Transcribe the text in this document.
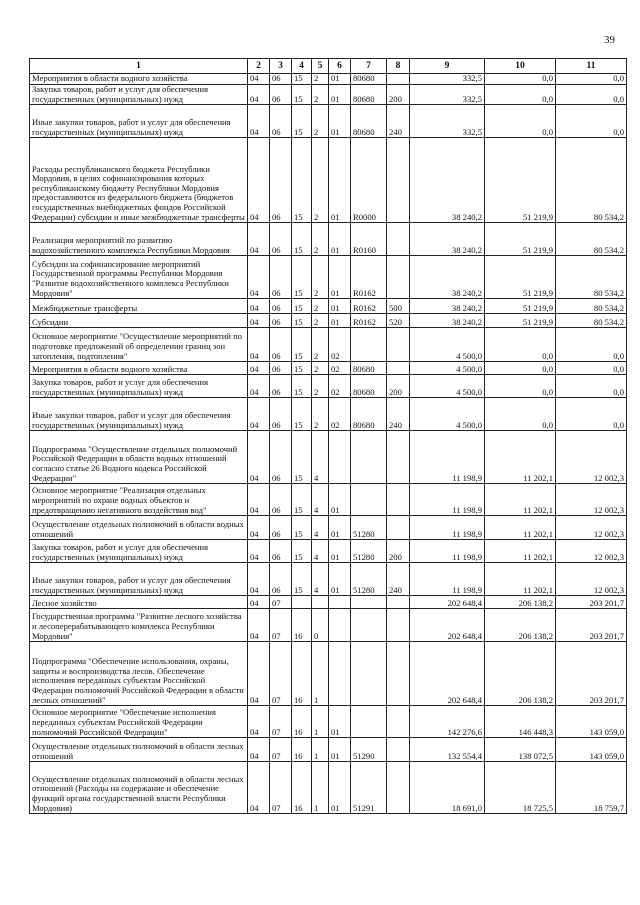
39
1	2	3	4	5	6	7	8	9	10	11
Мероприятия в области водного хозяйства	04	06	15	2	01	80680		332,5	0,0	0,0
Закупка товаров, работ и услуг для обеспечения государственных (муниципальных) нужд	04	06	15	2	01	80680	200	332,5	0,0	0,0
Иные закупки товаров, работ и услуг для обеспечения государственных (муниципальных) нужд	04	06	15	2	01	80680	240	332,5	0,0	0,0
Расходы республиканского бюджета Республики Мордовия, в целях софинансирования которых республиканскому бюджету Республики Мордовия предоставляются из федерального бюджета (бюджетов государственных внебюджетных фондов Российской Федерации) субсидии и иные межбюджетные трансферты	04	06	15	2	01	R0000		38 240,2	51 219,9	80 534,2
Реализация мероприятий по развитию водохозяйственного комплекса Республики Мордовия	04	06	15	2	01	R0160		38 240,2	51 219,9	80 534,2
Субсидии на софинансирование мероприятий Государственной программы Республики Мордовия "Развитие водохозяйственного комплекса Республики Мордовия"	04	06	15	2	01	R0162		38 240,2	51 219,9	80 534,2
Межбюджетные трансферты	04	06	15	2	01	R0162	500	38 240,2	51 219,9	80 534,2
Субсидии	04	06	15	2	01	R0162	520	38 240,2	51 219,9	80 534,2
Основное мероприятие "Осуществление мероприятий по подготовке предложений об определении границ зон затопления, подтопления"	04	06	15	2	02			4 500,0	0,0	0,0
Мероприятия в области водного хозяйства	04	06	15	2	02	80680		4 500,0	0,0	0,0
Закупка товаров, работ и услуг для обеспечения государственных (муниципальных) нужд	04	06	15	2	02	80680	200	4 500,0	0,0	0,0
Иные закупки товаров, работ и услуг для обеспечения государственных (муниципальных) нужд	04	06	15	2	02	80680	240	4 500,0	0,0	0,0
Подпрограмма "Осуществление отдельных полномочий Российской Федерации в области водных отношений согласно статье 26 Водного кодекса Российской Федерации"	04	06	15	4				11 198,9	11 202,1	12 002,3
Основное мероприятие "Реализация отдельных мероприятий по охране водных объектов и предотвращению негативного воздействия вод"	04	06	15	4	01			11 198,9	11 202,1	12 002,3
Осуществление отдельных полномочий в области водных отношений	04	06	15	4	01	51280		11 198,9	11 202,1	12 002,3
Закупка товаров, работ и услуг для обеспечения государственных (муниципальных) нужд	04	06	15	4	01	51280	200	11 198,9	11 202,1	12 002,3
Иные закупки товаров, работ и услуг для обеспечения государственных (муниципальных) нужд	04	06	15	4	01	51280	240	11 198,9	11 202,1	12 002,3
Лесное хозяйство	04	07						202 648,4	206 138,2	203 201,7
Государственная программа "Развитие лесного хозяйства и лесоперерабатывающего комплекса Республики Мордовия"	04	07	16	0				202 648,4	206 138,2	203 201,7
Подпрограмма "Обеспечение использования, охраны, защиты и воспроизводства лесов. Обеспечение исполнения переданных субъектам Российской Федерации полномочий Российской Федерации в области лесных отношений"	04	07	16	1				202 648,4	206 138,2	203 201,7
Основное мероприятие "Обеспечение исполнения переданных субъектам Российской Федерации полномочий Российской Федерации"	04	07	16	1	01			142 276,6	146 448,3	143 059,0
Осуществление отдельных полномочий в области лесных отношений	04	07	16	1	01	51290		132 554,4	138 072,5	143 059,0
Осуществление отдельных полномочий в области лесных отношений (Расходы на содержание и обеспечение функций органа государственной власти Республики Мордовия)	04	07	16	1	01	51291		18 691,0	18 725,5	18 759,7
